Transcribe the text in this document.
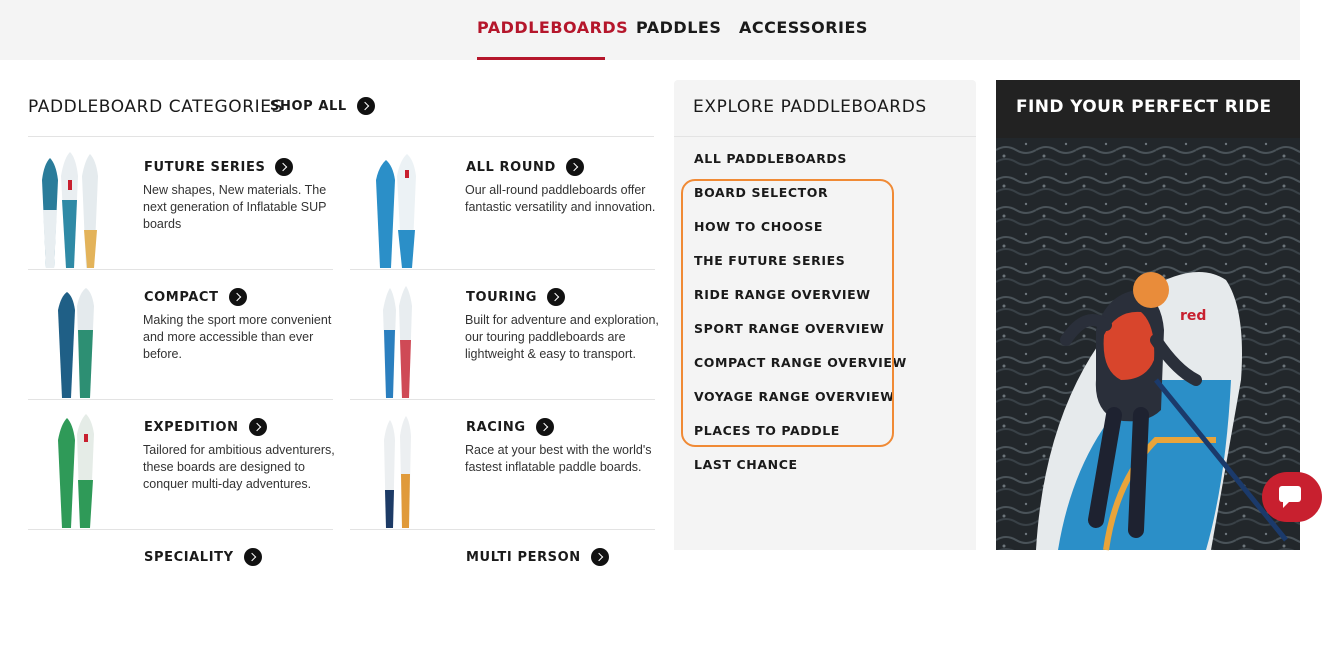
PADDLEBOARDS PADDLES ACCESSORIES
PADDLEBOARD CATEGORIES
SHOP ALL
FUTURE SERIES
New shapes, New materials. The next generation of Inflatable SUP boards
ALL ROUND
Our all-round paddleboards offer fantastic versatility and innovation.
COMPACT
Making the sport more convenient and more accessible than ever before.
TOURING
Built for adventure and exploration, our touring paddleboards are lightweight & easy to transport.
EXPEDITION
Tailored for ambitious adventurers, these boards are designed to conquer multi-day adventures.
RACING
Race at your best with the world's fastest inflatable paddle boards.
SPECIALITY	MULTI PERSON
EXPLORE PADDLEBOARDS
ALL PADDLEBOARDS
BOARD SELECTOR
HOW TO CHOOSE
THE FUTURE SERIES
RIDE RANGE OVERVIEW
SPORT RANGE OVERVIEW
COMPACT RANGE OVERVIEW
VOYAGE RANGE OVERVIEW
PLACES TO PADDLE
LAST CHANCE
FIND YOUR PERFECT RIDE
red
